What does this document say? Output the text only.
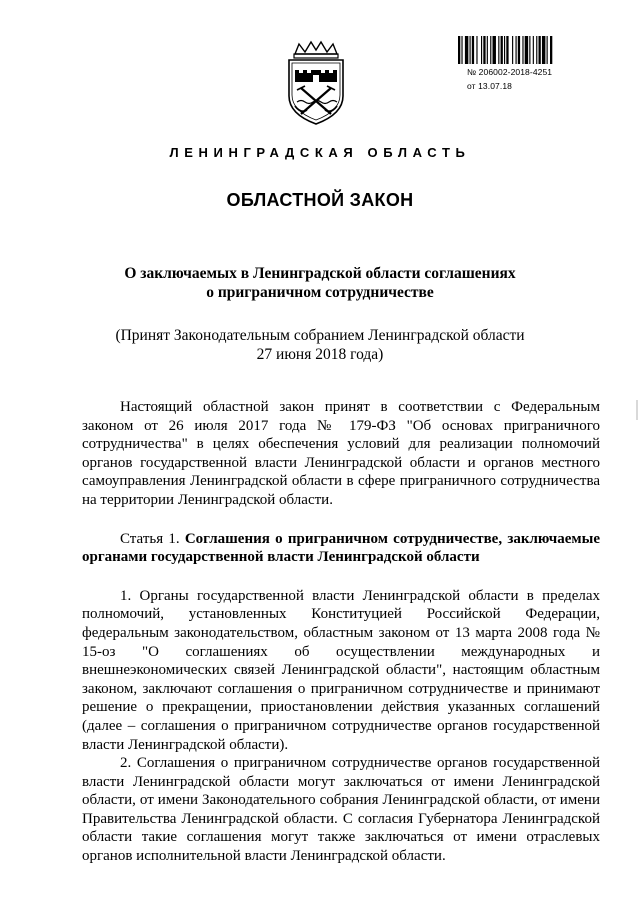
№ 206002-2018-4251
от 13.07.18
ЛЕНИНГРАДСКАЯ ОБЛАСТЬ
ОБЛАСТНОЙ ЗАКОН
О заключаемых в Ленинградской области соглашениях
о приграничном сотрудничестве
(Принят Законодательным собранием Ленинградской области
27 июня 2018 года)

Настоящий областной закон принят в соответствии с Федеральным законом от 26 июля 2017 года № 179-ФЗ "Об основах приграничного сотрудничества" в целях обеспечения условий для реализации полномочий органов государственной власти Ленинградской области и органов местного самоуправления Ленинградской области в сфере приграничного сотрудничества на территории Ленинградской области.

Статья 1. Соглашения о приграничном сотрудничестве, заключаемые органами государственной власти Ленинградской области

1. Органы государственной власти Ленинградской области в пределах полномочий, установленных Конституцией Российской Федерации, федеральным законодательством, областным законом от 13 марта 2008 года № 15-оз "О соглашениях об осуществлении международных и внешнеэкономических связей Ленинградской области", настоящим областным законом, заключают соглашения о приграничном сотрудничестве и принимают решение о прекращении, приостановлении действия указанных соглашений (далее – соглашения о приграничном сотрудничестве органов государственной власти Ленинградской области).

2. Соглашения о приграничном сотрудничестве органов государственной власти Ленинградской области могут заключаться от имени Ленинградской области, от имени Законодательного собрания Ленинградской области, от имени Правительства Ленинградской области. С согласия Губернатора Ленинградской области такие соглашения могут также заключаться от имени отраслевых органов исполнительной власти Ленинградской области.
